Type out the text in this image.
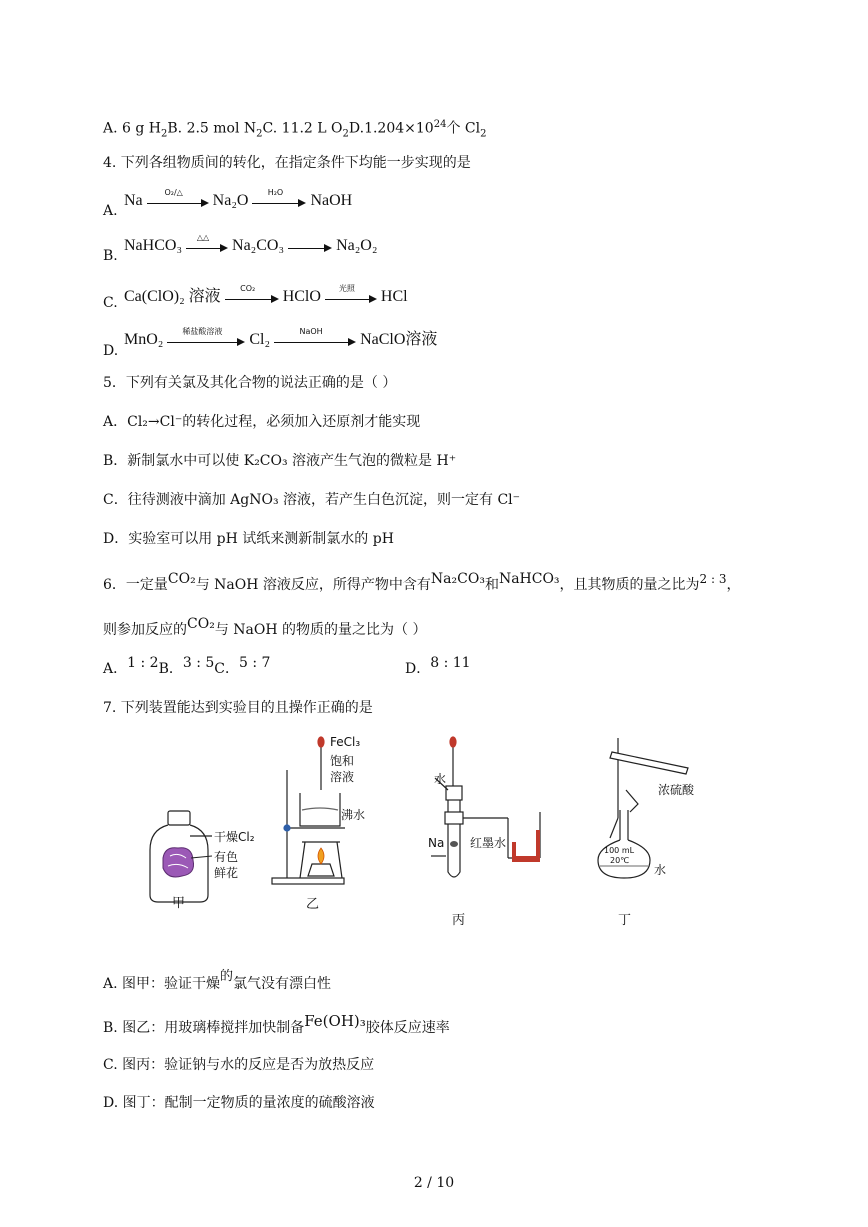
A. 6 g $H_2B$. 2.5 mol $N_2C$. 11.2 L $O_2D.1.204\times 10^{24}$个 $Cl_2$
4. 下列各组物质间的转化，在指定条件下均能一步实现的是
A.
Na	O₂/△	Na₂O	H₂O	NaOH
B.
NaHCO₃	△△	Na₂CO₃	Na₂O₂
C. Ca(ClO)₂ 溶液	CO₂	HClO	光照	HCl
D.
MnO₂	稀盐酸溶液	Cl₂	NaOH	NaClO溶液
5．下列有关氯及其化合物的说法正确的是（ ）
A．Cl₂→Cl⁻的转化过程，必须加入还原剂才能实现
B．新制氯水中可以使 K₂CO₃ 溶液产生气泡的微粒是 H⁺
C．往待测液中滴加 AgNO₃ 溶液，若产生白色沉淀，则一定有 Cl⁻
D．实验室可以用 pH 试纸来测新制氯水的 pH
6．一定量CO₂与 NaOH 溶液反应，所得产物中含有Na₂CO₃和NaHCO₃，且其物质的量之比为2 : 3，
则参加反应的CO₂与 NaOH 的物质的量之比为（ ）
A．1 : 2B．3 : 5C．5 : 7	D．8 : 11
7. 下列装置能达到实验目的且操作正确的是
干燥Cl₂
有色
鲜花
甲
FeCl₃
饱和
溶液
沸水
乙
水
Na 红墨水
丙
浓硫酸
100 mL
20℃
水
丁
A. 图甲：验证干燥的氯气没有漂白性
B. 图乙：用玻璃棒搅拌加快制备Fe(OH)₃胶体反应速率
C. 图丙：验证钠与水的反应是否为放热反应
D. 图丁：配制一定物质的量浓度的硫酸溶液
2 / 10
